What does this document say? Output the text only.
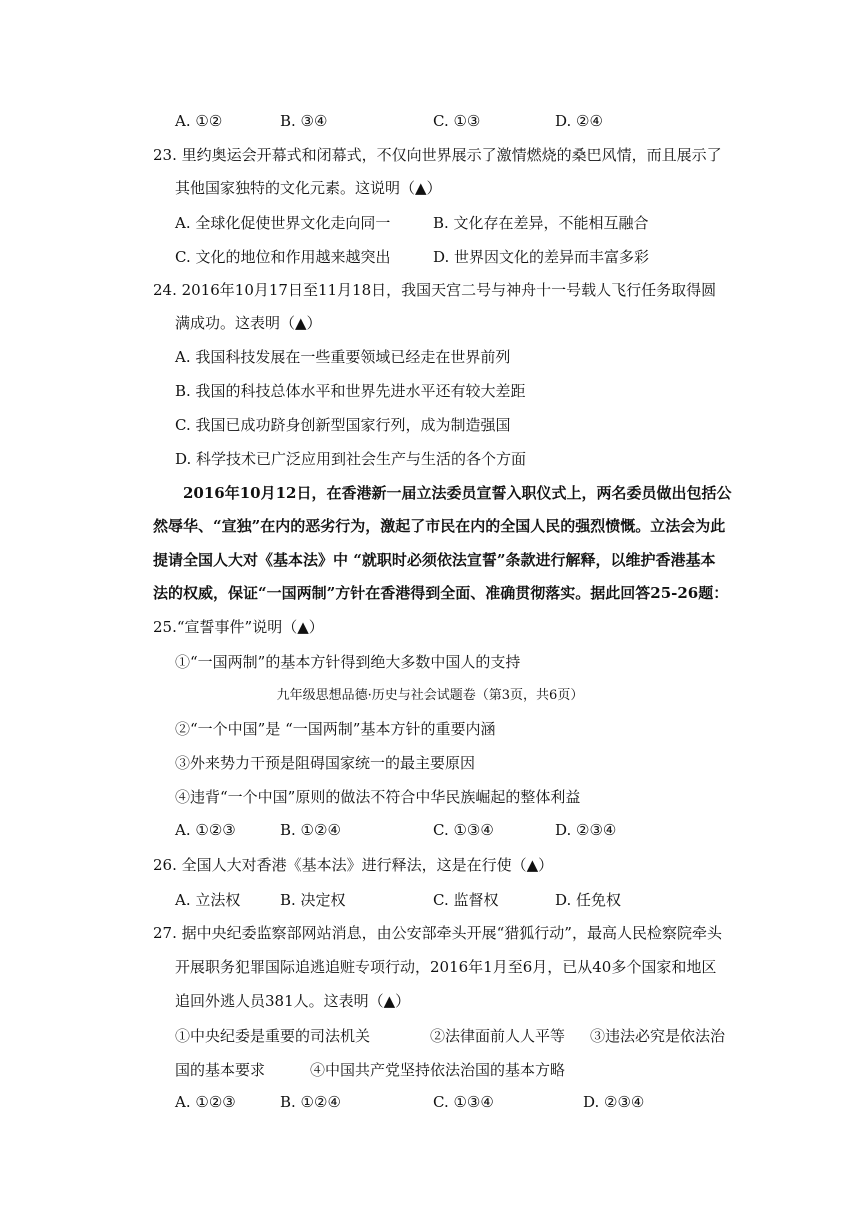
A. ①②	B. ③④	C. ①③	D. ②④
23. 里约奥运会开幕式和闭幕式，不仅向世界展示了激情燃烧的桑巴风情，而且展示了
其他国家独特的文化元素。这说明（▲）
A. 全球化促使世界文化走向同一	B. 文化存在差异，不能相互融合
C. 文化的地位和作用越来越突出	D. 世界因文化的差异而丰富多彩
24. 2016年10月17日至11月18日，我国天宫二号与神舟十一号载人飞行任务取得圆
满成功。这表明（▲）
A. 我国科技发展在一些重要领域已经走在世界前列
B. 我国的科技总体水平和世界先进水平还有较大差距
C. 我国已成功跻身创新型国家行列，成为制造强国
D. 科学技术已广泛应用到社会生产与生活的各个方面
2016年10月12日，在香港新一届立法委员宣誓入职仪式上，两名委员做出包括公
然辱华、“宣独”在内的恶劣行为，激起了市民在内的全国人民的强烈愤慨。立法会为此
提请全国人大对《基本法》中 “就职时必须依法宣誓”条款进行解释，以维护香港基本
法的权威，保证“一国两制”方针在香港得到全面、准确贯彻落实。据此回答25-26题：
25.“宣誓事件”说明（▲）
①“一国两制”的基本方针得到绝大多数中国人的支持
九年级思想品德·历史与社会试题卷（第3页，共6页）
②“一个中国”是 “一国两制”基本方针的重要内涵
③外来势力干预是阻碍国家统一的最主要原因
④违背“一个中国”原则的做法不符合中华民族崛起的整体利益
A. ①②③	B. ①②④	C. ①③④	D. ②③④
26. 全国人大对香港《基本法》进行释法，这是在行使（▲）
A. 立法权	B. 决定权	C. 监督权	D. 任免权
27. 据中央纪委监察部网站消息，由公安部牵头开展“猎狐行动”，最高人民检察院牵头
开展职务犯罪国际追逃追赃专项行动，2016年1月至6月，已从40多个国家和地区
追回外逃人员381人。这表明（▲）
①中央纪委是重要的司法机关	②法律面前人人平等 ③违法必究是依法治
国的基本要求	④中国共产党坚持依法治国的基本方略
A. ①②③	B. ①②④	C. ①③④	D. ②③④
